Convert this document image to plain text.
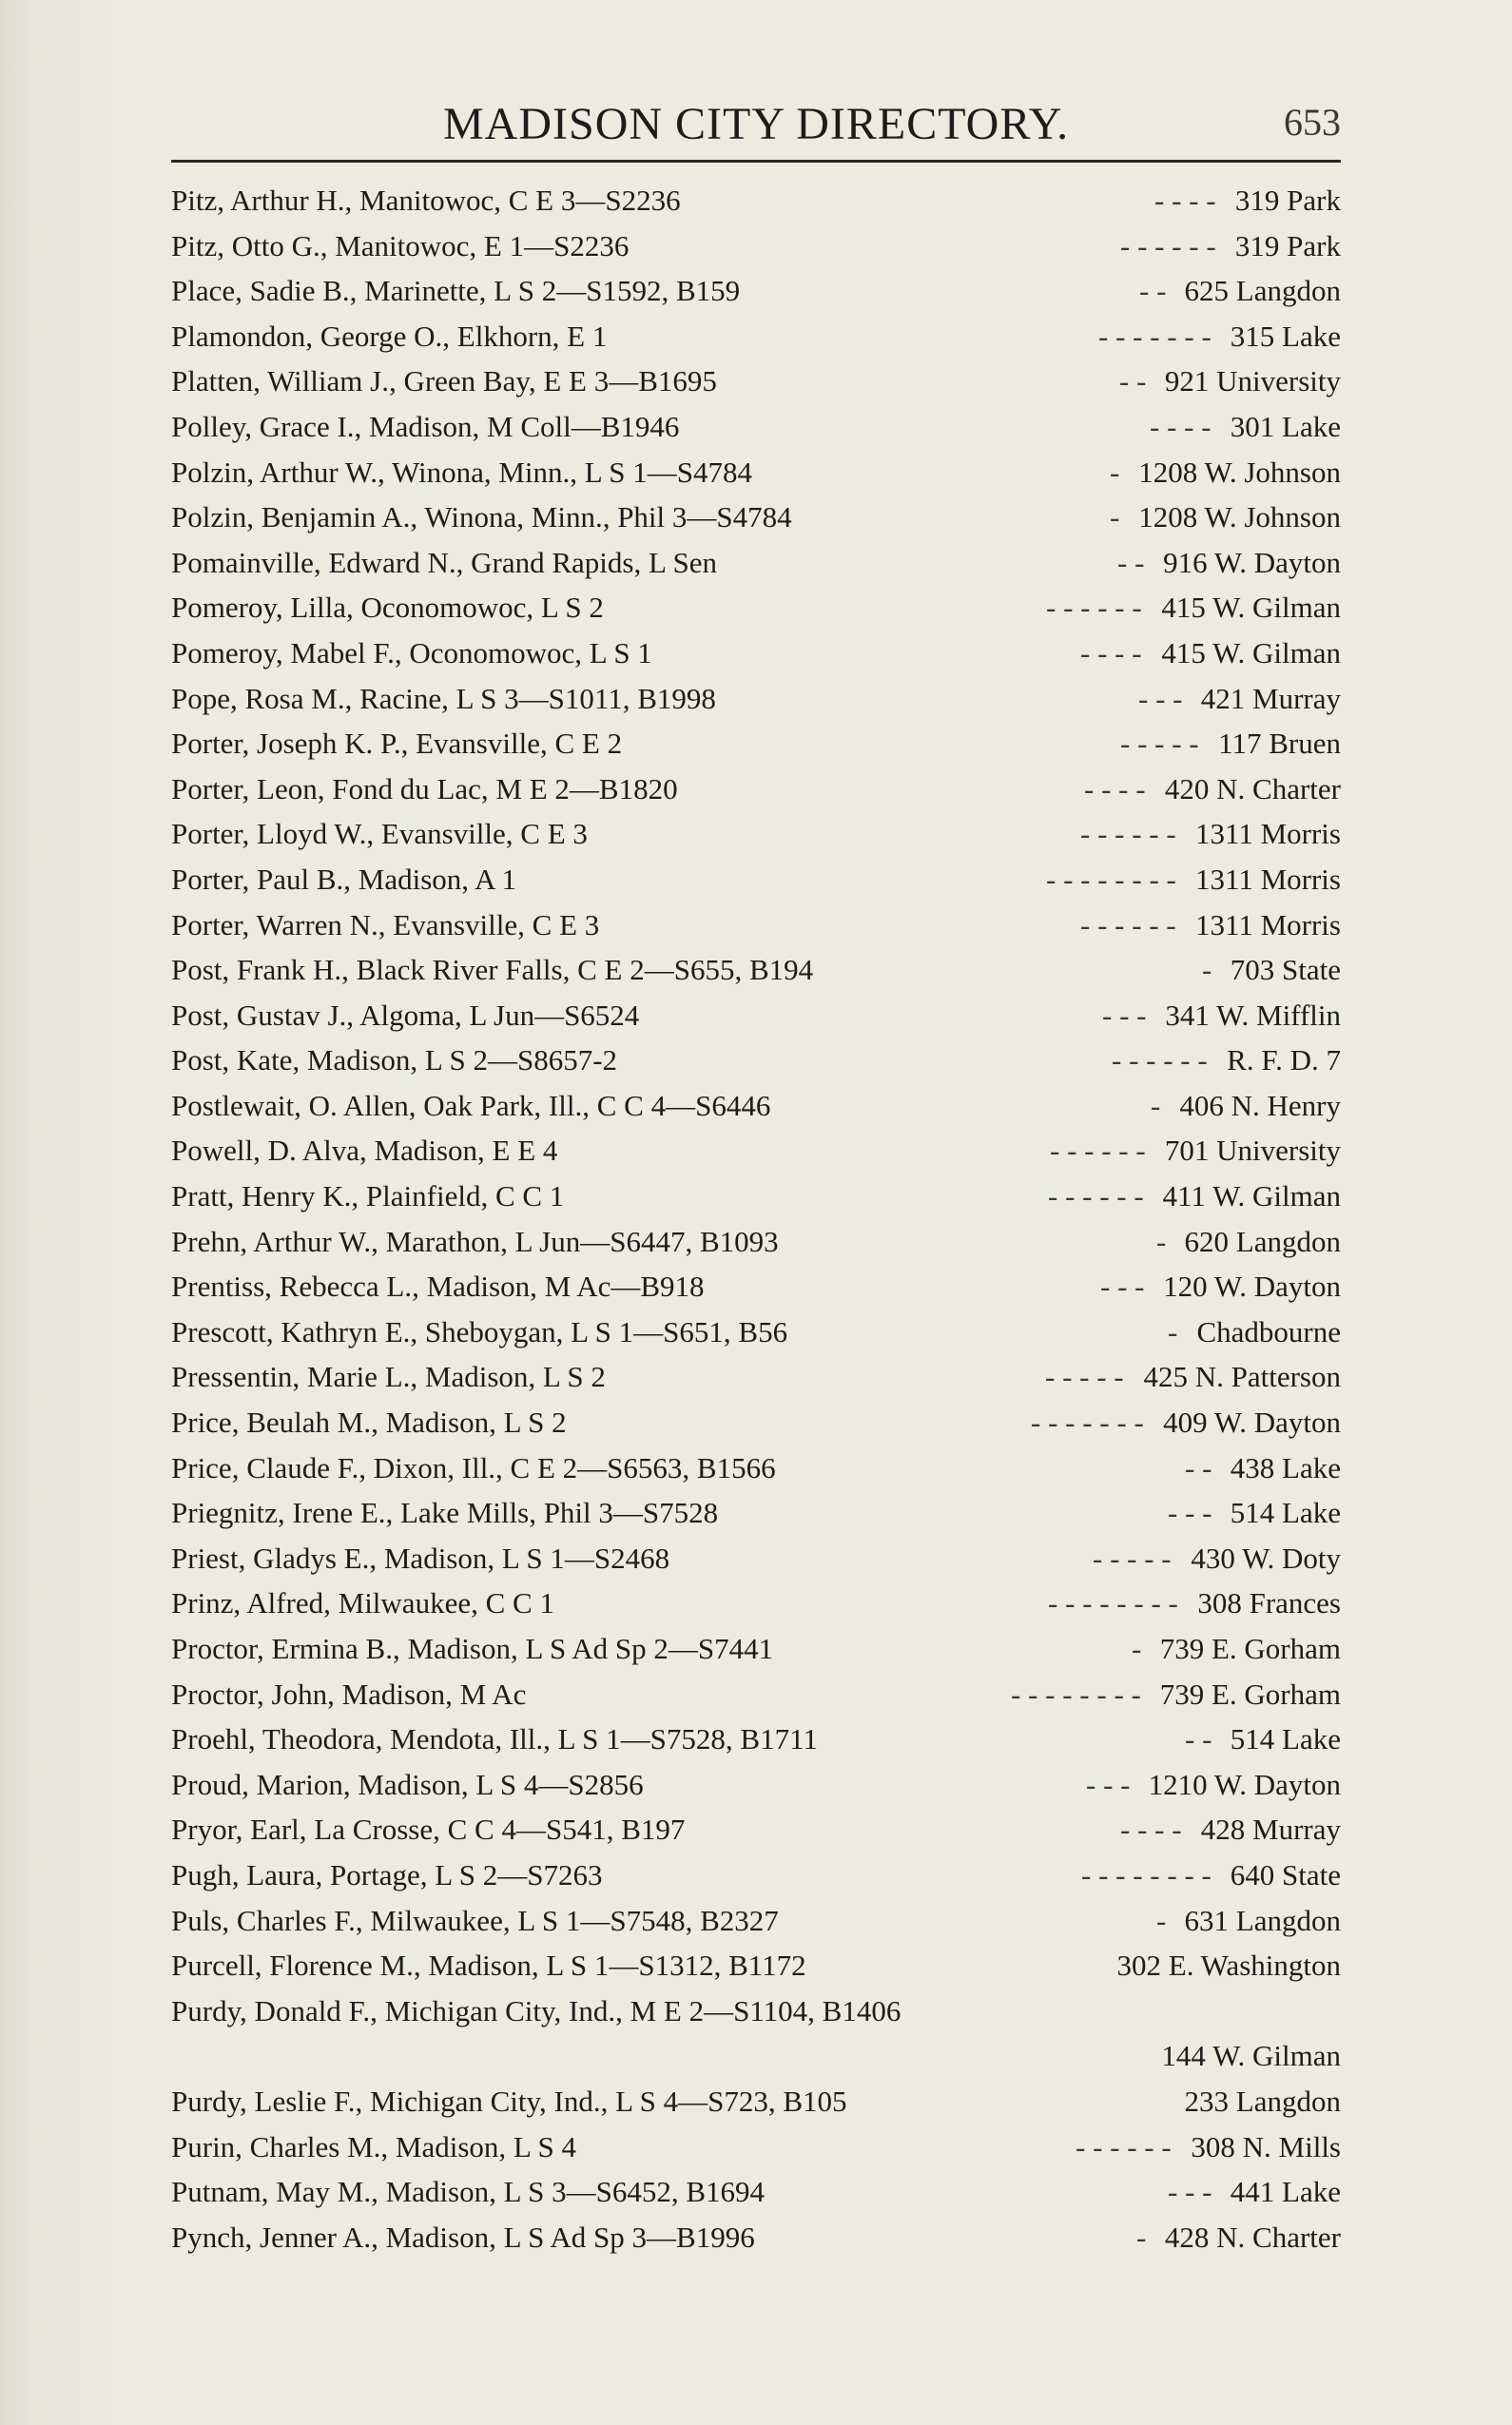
MADISON CITY DIRECTORY.	653
Pitz, Arthur H., Manitowoc, C E 3—S2236	- - - - 319 Park
Pitz, Otto G., Manitowoc, E 1—S2236	- - - - - - 319 Park
Place, Sadie B., Marinette, L S 2—S1592, B159	- - 625 Langdon
Plamondon, George O., Elkhorn, E 1	- - - - - - - 315 Lake
Platten, William J., Green Bay, E E 3—B1695	- - 921 University
Polley, Grace I., Madison, M Coll—B1946	- - - - 301 Lake
Polzin, Arthur W., Winona, Minn., L S 1—S4784	- 1208 W. Johnson
Polzin, Benjamin A., Winona, Minn., Phil 3—S4784	- 1208 W. Johnson
Pomainville, Edward N., Grand Rapids, L Sen	- - 916 W. Dayton
Pomeroy, Lilla, Oconomowoc, L S 2	- - - - - - 415 W. Gilman
Pomeroy, Mabel F., Oconomowoc, L S 1	- - - - 415 W. Gilman
Pope, Rosa M., Racine, L S 3—S1011, B1998	- - - 421 Murray
Porter, Joseph K. P., Evansville, C E 2	- - - - - 117 Bruen
Porter, Leon, Fond du Lac, M E 2—B1820	- - - - 420 N. Charter
Porter, Lloyd W., Evansville, C E 3	- - - - - - 1311 Morris
Porter, Paul B., Madison, A 1	- - - - - - - - 1311 Morris
Porter, Warren N., Evansville, C E 3	- - - - - - 1311 Morris
Post, Frank H., Black River Falls, C E 2—S655, B194	- 703 State
Post, Gustav J., Algoma, L Jun—S6524	- - - 341 W. Mifflin
Post, Kate, Madison, L S 2—S8657-2	- - - - - - R. F. D. 7
Postlewait, O. Allen, Oak Park, Ill., C C 4—S6446	- 406 N. Henry
Powell, D. Alva, Madison, E E 4	- - - - - - 701 University
Pratt, Henry K., Plainfield, C C 1	- - - - - - 411 W. Gilman
Prehn, Arthur W., Marathon, L Jun—S6447, B1093	- 620 Langdon
Prentiss, Rebecca L., Madison, M Ac—B918	- - - 120 W. Dayton
Prescott, Kathryn E., Sheboygan, L S 1—S651, B56	- Chadbourne
Pressentin, Marie L., Madison, L S 2	- - - - - 425 N. Patterson
Price, Beulah M., Madison, L S 2	- - - - - - - 409 W. Dayton
Price, Claude F., Dixon, Ill., C E 2—S6563, B1566	- - 438 Lake
Priegnitz, Irene E., Lake Mills, Phil 3—S7528	- - - 514 Lake
Priest, Gladys E., Madison, L S 1—S2468	- - - - - 430 W. Doty
Prinz, Alfred, Milwaukee, C C 1	- - - - - - - - 308 Frances
Proctor, Ermina B., Madison, L S Ad Sp 2—S7441	- 739 E. Gorham
Proctor, John, Madison, M Ac	- - - - - - - - 739 E. Gorham
Proehl, Theodora, Mendota, Ill., L S 1—S7528, B1711	- - 514 Lake
Proud, Marion, Madison, L S 4—S2856	- - - 1210 W. Dayton
Pryor, Earl, La Crosse, C C 4—S541, B197	- - - - 428 Murray
Pugh, Laura, Portage, L S 2—S7263	- - - - - - - - 640 State
Puls, Charles F., Milwaukee, L S 1—S7548, B2327	- 631 Langdon
Purcell, Florence M., Madison, L S 1—S1312, B1172	302 E. Washington
Purdy, Donald F., Michigan City, Ind., M E 2—S1104, B1406
144 W. Gilman
Purdy, Leslie F., Michigan City, Ind., L S 4—S723, B105	233 Langdon
Purin, Charles M., Madison, L S 4	- - - - - - 308 N. Mills
Putnam, May M., Madison, L S 3—S6452, B1694	- - - 441 Lake
Pynch, Jenner A., Madison, L S Ad Sp 3—B1996	- 428 N. Charter
